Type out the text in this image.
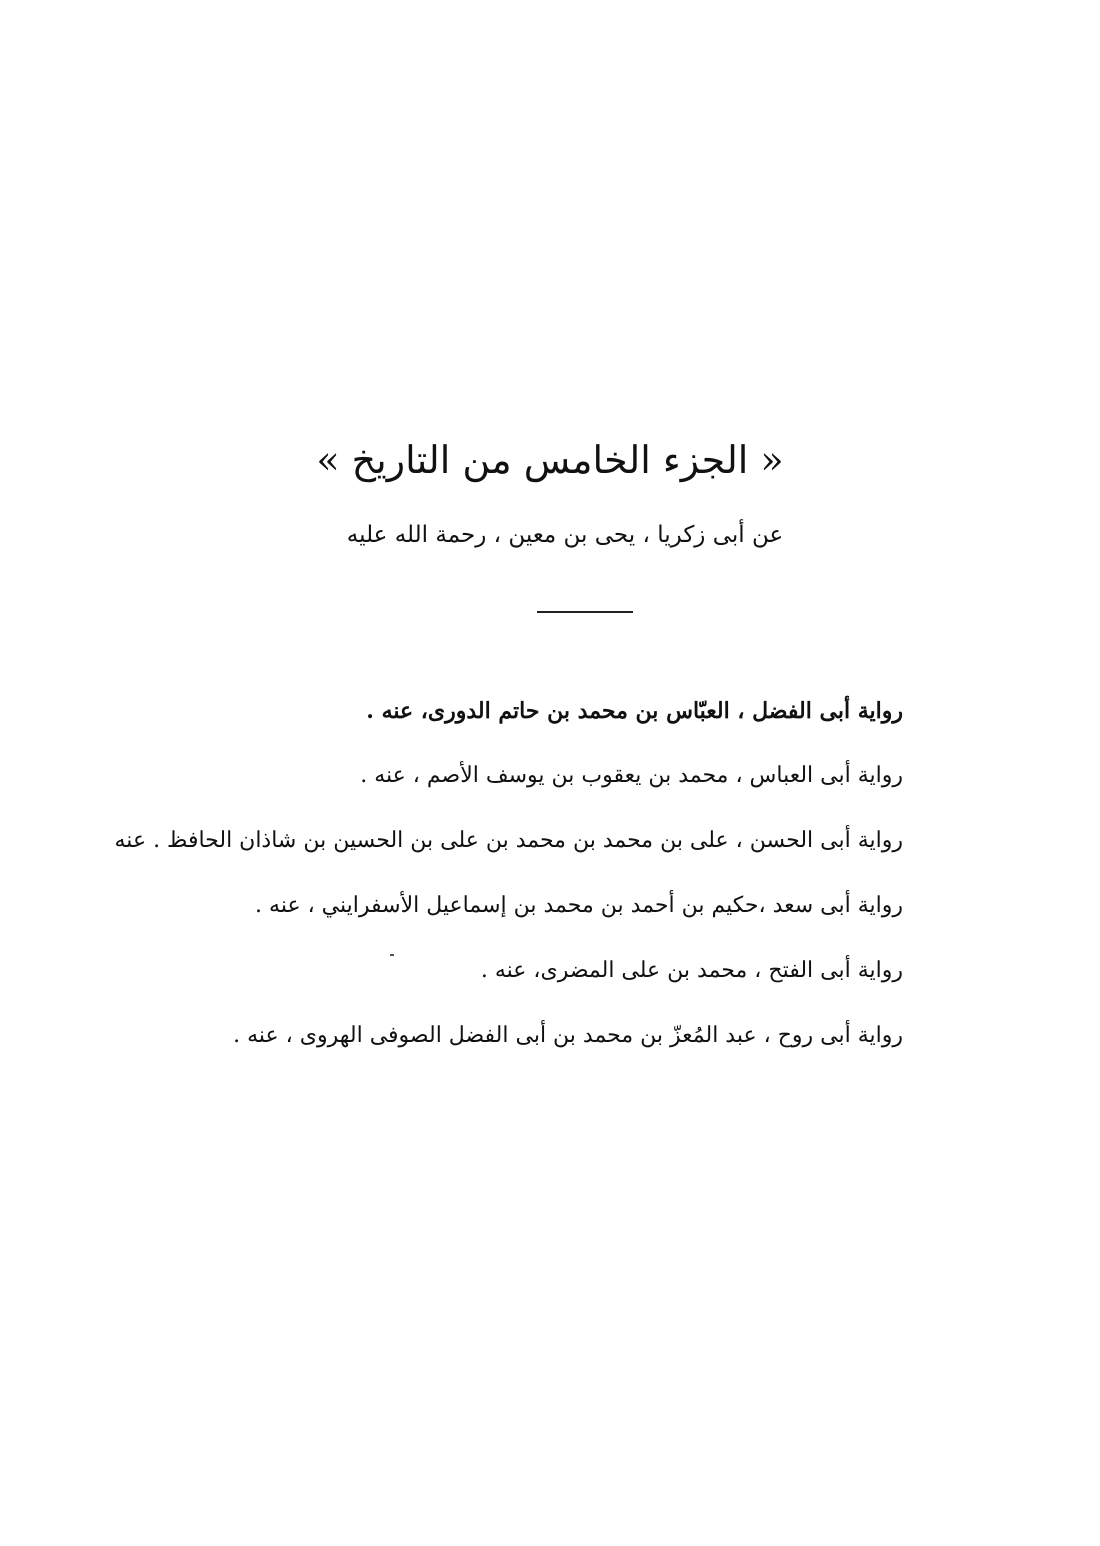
« الجزء الخامس من التاريخ »
عن أبى زكريا ، يحى بن معين ، رحمة الله عليه
رواية أبى الفضل ، العبّاس بن محمد بن حاتم الدورى، عنه .
رواية أبى العباس ، محمد بن يعقوب بن يوسف الأصم ، عنه .
رواية أبى الحسن ، على بن محمد بن محمد بن على بن الحسين بن شاذان الحافظ . عنه
رواية أبى سعد ،حكيم بن أحمد بن محمد بن إسماعيل الأسفرايني ، عنه .
رواية أبى الفتح ، محمد بن على المضرى، عنه .
رواية أبى روح ، عبد المُعزّ بن محمد بن أبى الفضل الصوفى الهروى ، عنه .
